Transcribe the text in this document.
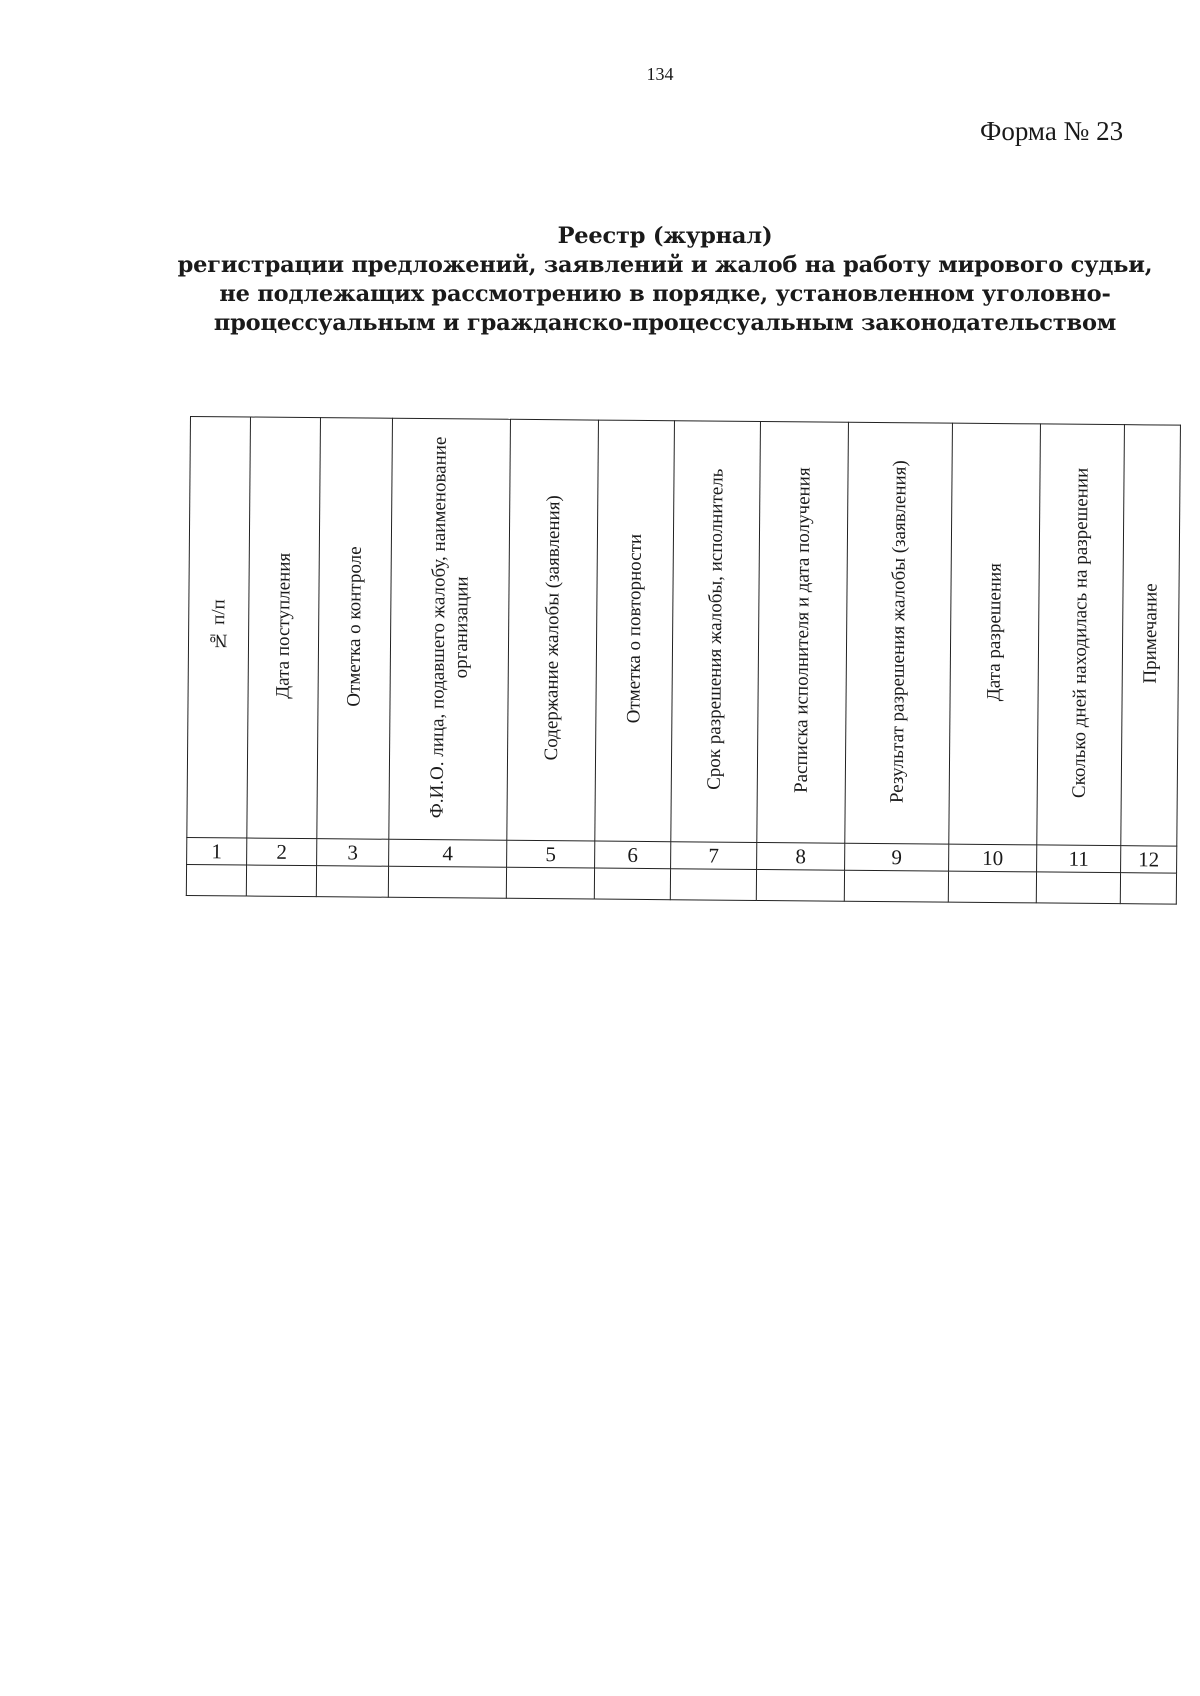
134
Форма № 23
Реестр (журнал)
регистрации предложений, заявлений и жалоб на работу мирового судьи,
не подлежащих рассмотрению в порядке, установленном уголовно-
процессуальным и гражданско-процессуальным законодательством
№ п/п	Дата поступления	Отметка о контроле	Ф.И.О. лица, подавшего жалобу, наименование организации	Содержание жалобы (заявления)	Отметка о повторности	Срок разрешения жалобы, исполнитель	Расписка исполнителя и дата получения	Результат разрешения жалобы (заявления)	Дата разрешения	Сколько дней находилась на разрешении	Примечание
1	2	3	4	5	6	7	8	9	10	11	12
